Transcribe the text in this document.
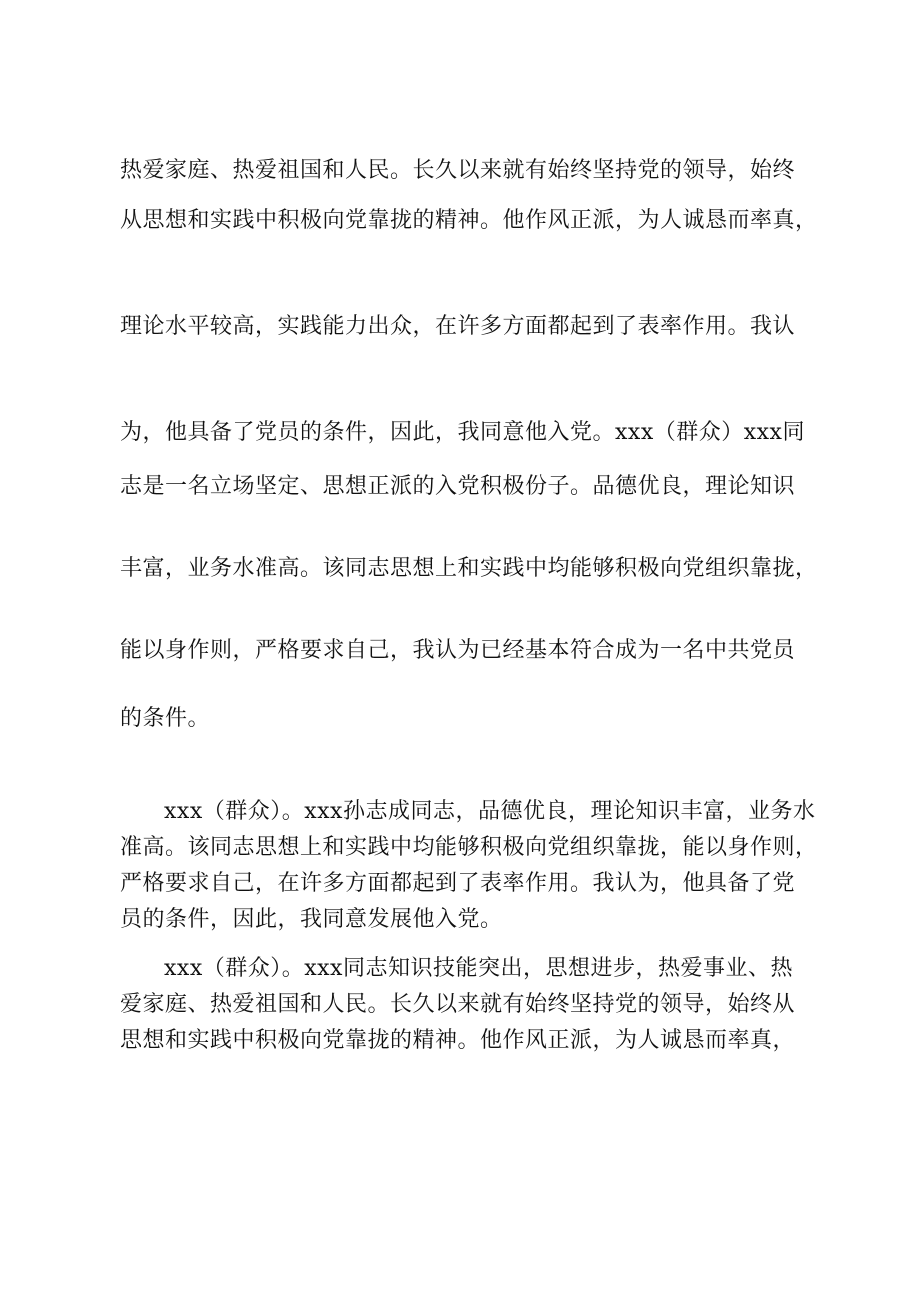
热爱家庭、热爱祖国和人民。长久以来就有始终坚持党的领导，始终
从思想和实践中积极向党靠拢的精神。他作风正派，为人诚恳而率真，
理论水平较高，实践能力出众，在许多方面都起到了表率作用。我认
为，他具备了党员的条件，因此，我同意他入党。xxx（群众）xxx同
志是一名立场坚定、思想正派的入党积极份子。品德优良，理论知识
丰富，业务水准高。该同志思想上和实践中均能够积极向党组织靠拢，
能以身作则，严格要求自己，我认为已经基本符合成为一名中共党员
的条件。
xxx（群众）。xxx孙志成同志，品德优良，理论知识丰富，业务水
准高。该同志思想上和实践中均能够积极向党组织靠拢，能以身作则，
严格要求自己，在许多方面都起到了表率作用。我认为，他具备了党
员的条件，因此，我同意发展他入党。
xxx（群众）。xxx同志知识技能突出，思想进步，热爱事业、热
爱家庭、热爱祖国和人民。长久以来就有始终坚持党的领导，始终从
思想和实践中积极向党靠拢的精神。他作风正派，为人诚恳而率真，
